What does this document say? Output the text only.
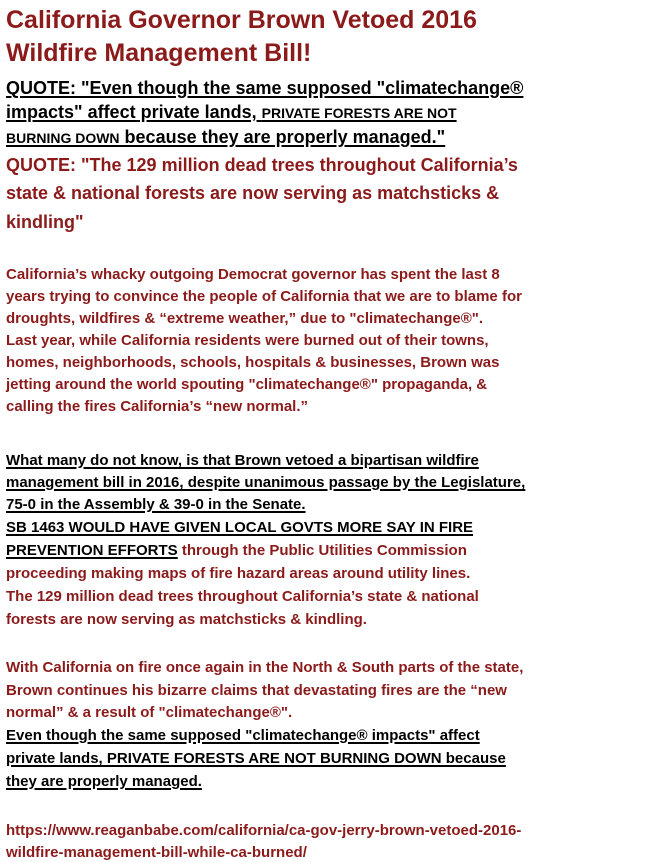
California Governor Brown Vetoed 2016

Wildfire Management Bill!

QUOTE: "Even though the same supposed "climatechange®

impacts" affect private lands, PRIVATE FORESTS ARE NOT

BURNING DOWN because they are properly managed."

QUOTE: "The 129 million dead trees throughout California’s

state & national forests are now serving as matchsticks &

kindling"

California’s whacky outgoing Democrat governor has spent the last 8

years trying to convince the people of California that we are to blame for

droughts, wildfires & “extreme weather,” due to "climatechange®".

Last year, while California residents were burned out of their towns,

homes, neighborhoods, schools, hospitals & businesses, Brown was

jetting around the world spouting "climatechange®" propaganda, &

calling the fires California’s “new normal.”

What many do not know, is that Brown vetoed a bipartisan wildfire

management bill in 2016, despite unanimous passage by the Legislature,

75-0 in the Assembly & 39-0 in the Senate.

SB 1463 WOULD HAVE GIVEN LOCAL GOVTS MORE SAY IN FIRE

PREVENTION EFFORTS through the Public Utilities Commission

proceeding making maps of fire hazard areas around utility lines.

The 129 million dead trees throughout California’s state & national

forests are now serving as matchsticks & kindling.

With California on fire once again in the North & South parts of the state,

Brown continues his bizarre claims that devastating fires are the “new

normal” & a result of "climatechange®".

Even though the same supposed "climatechange® impacts" affect

private lands, PRIVATE FORESTS ARE NOT BURNING DOWN because

they are properly managed.

https://www.reaganbabe.com/california/ca-gov-jerry-brown-vetoed-2016-

wildfire-management-bill-while-ca-burned/
